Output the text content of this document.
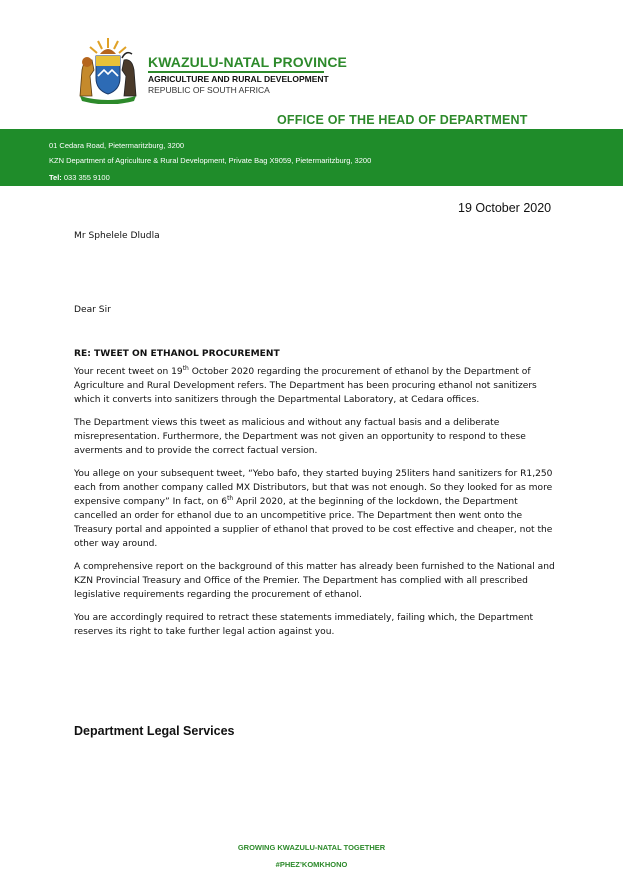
KWAZULU-NATAL PROVINCE
AGRICULTURE AND RURAL DEVELOPMENT
REPUBLIC OF SOUTH AFRICA
OFFICE OF THE HEAD OF DEPARTMENT
01 Cedara Road, Pietermaritzburg, 3200
KZN Department of Agriculture & Rural Development, Private Bag X9059, Pietermaritzburg, 3200
Tel: 033 355 9100
19 October 2020
Mr Sphelele Dludla
Dear Sir
RE: TWEET ON ETHANOL PROCUREMENT

Your recent tweet on 19th October 2020 regarding the procurement of ethanol by the Department of Agriculture and Rural Development refers. The Department has been procuring ethanol not sanitizers which it converts into sanitizers through the Departmental Laboratory, at Cedara offices.

The Department views this tweet as malicious and without any factual basis and a deliberate misrepresentation. Furthermore, the Department was not given an opportunity to respond to these averments and to provide the correct factual version.

You allege on your subsequent tweet, “Yebo bafo, they started buying 25liters hand sanitizers for R1,250 each from another company called MX Distributors, but that was not enough. So they looked for as more expensive company” In fact, on 6th April 2020, at the beginning of the lockdown, the Department cancelled an order for ethanol due to an uncompetitive price. The Department then went onto the Treasury portal and appointed a supplier of ethanol that proved to be cost effective and cheaper, not the other way around.

A comprehensive report on the background of this matter has already been furnished to the National and KZN Provincial Treasury and Office of the Premier. The Department has complied with all prescribed legislative requirements regarding the procurement of ethanol.

You are accordingly required to retract these statements immediately, failing which, the Department reserves its right to take further legal action against you.

Department Legal Services
GROWING KWAZULU-NATAL TOGETHER
#PHEZ’KOMKHONO
